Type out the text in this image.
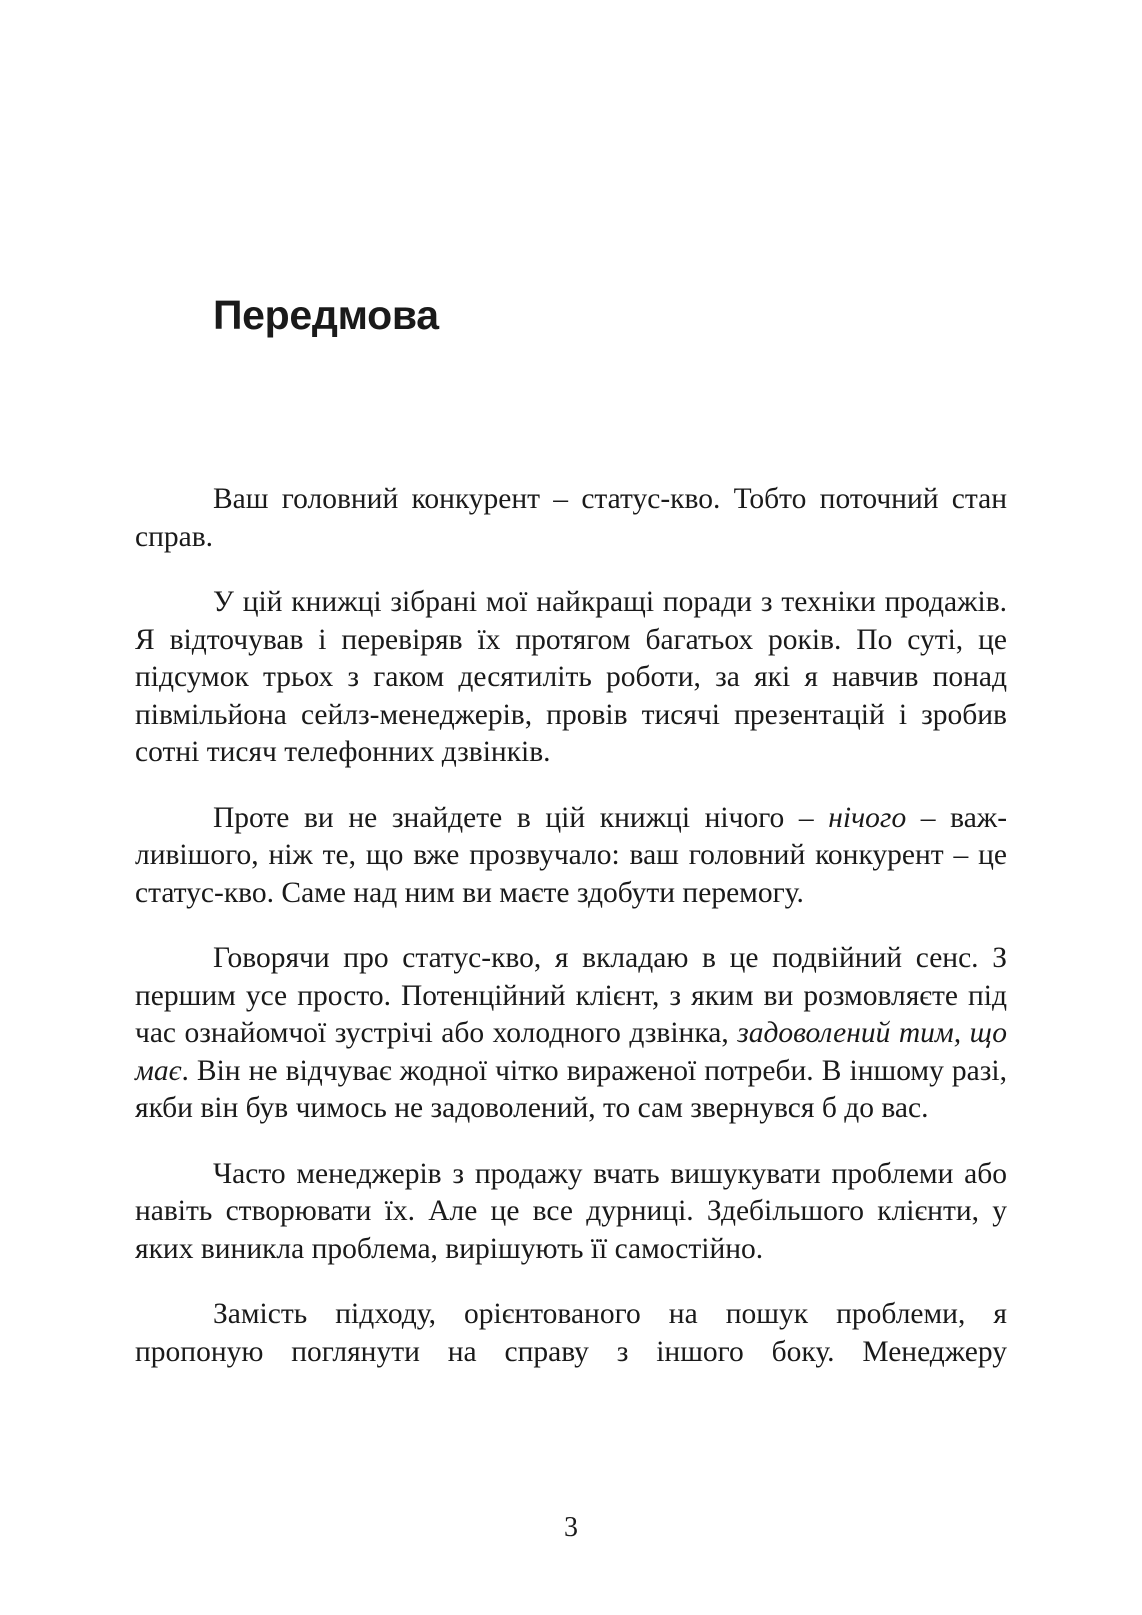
Передмова

Ваш головний конкурент – статус-кво. Тобто поточний стан справ.

У цій книжці зібрані мої найкращі поради з техніки продажів. Я відточував і перевіряв їх протягом багатьох років. По суті, це підсумок трьох з гаком десятиліть роботи, за які я навчив понад півмільйона сейлз-менеджерів, провів тисячі презентацій і зробив сотні тисяч телефонних дзвінків.

Проте ви не знайдете в цій книжці нічого – нічого – важливішого, ніж те, що вже прозвучало: ваш головний конкурент – це статус-кво. Саме над ним ви маєте здобути перемогу.

Говорячи про статус-кво, я вкладаю в це подвійний сенс. З першим усе просто. Потенційний клієнт, з яким ви розмовляєте під час ознайомчої зустрічі або холодного дзвінка, задоволений тим, що має. Він не відчуває жодної чітко вираженої потреби. В іншому разі, якби він був чимось не задоволений, то сам звернувся б до вас.

Часто менеджерів з продажу вчать вишукувати проблеми або навіть створювати їх. Але це все дурниці. Здебільшого клієнти, у яких виникла проблема, вирішують її самостійно.

Замість підходу, орієнтованого на пошук проблеми, я пропоную поглянути на справу з іншого боку. Менеджеру

3
